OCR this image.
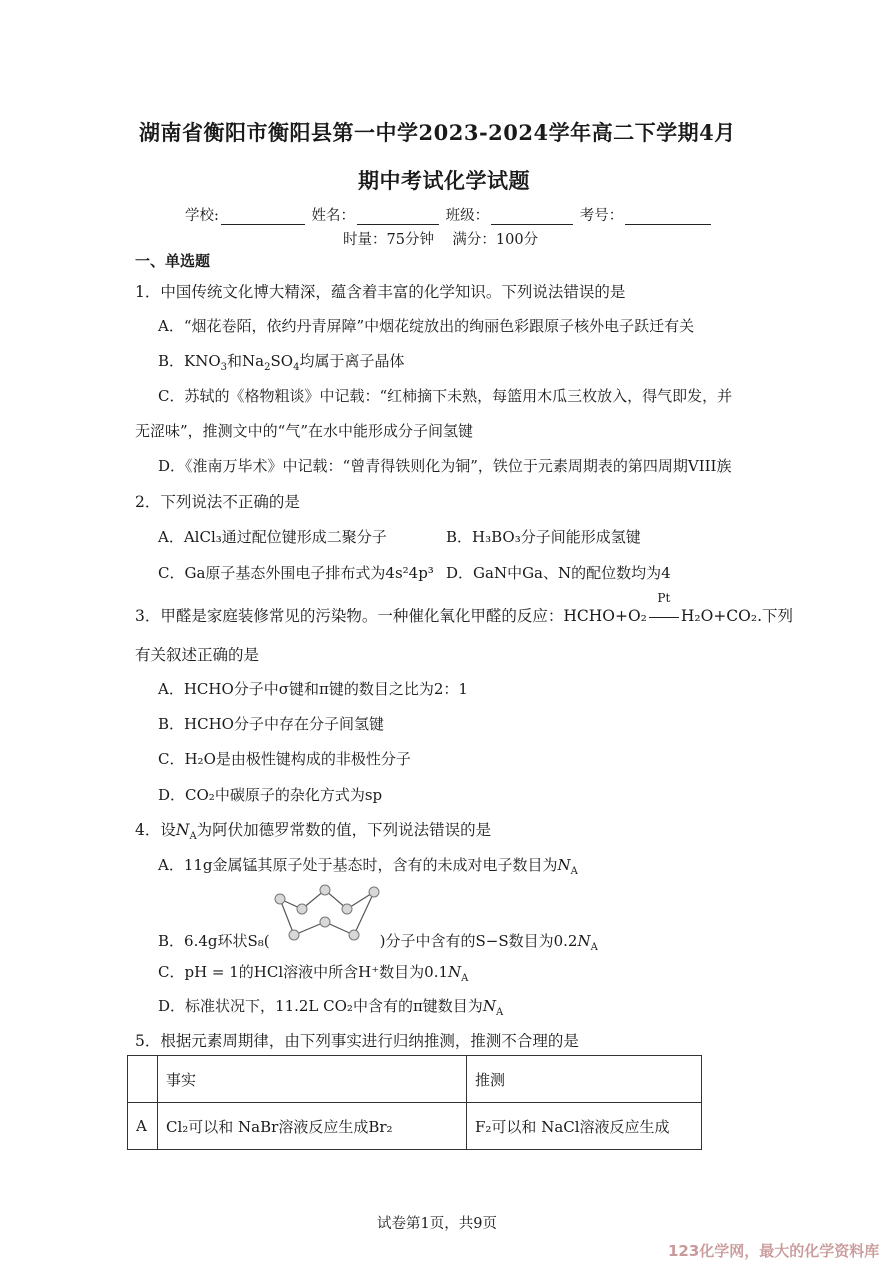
湖南省衡阳市衡阳县第一中学2023-2024学年高二下学期4月
期中考试化学试题
学校:	姓名：	班级：	考号：
时量：75分钟    满分：100分
一、单选题
1．中国传统文化博大精深，蕴含着丰富的化学知识。下列说法错误的是
A．“烟花卷陌，依约丹青屏障”中烟花绽放出的绚丽色彩跟原子核外电子跃迁有关
B．$KNO_3$和$Na_2SO_4$均属于离子晶体
C．苏轼的《格物粗谈》中记载：“红柿摘下未熟，每篮用木瓜三枚放入，得气即发，并
无涩味”，推测文中的“气”在水中能形成分子间氢键
D．《淮南万毕术》中记载：“曾青得铁则化为铜”，铁位于元素周期表的第四周期VIII族
2．下列说法不正确的是
A．AlCl₃通过配位键形成二聚分子	B．H₃BO₃分子间能形成氢键
C．Ga原子基态外围电子排布式为4s²4p³ D．GaN中Ga、N的配位数均为4
3．甲醛是家庭装修常见的污染物。一种催化氧化甲醛的反应：HCHO+O₂
Pt
H₂O+CO₂.下列
有关叙述正确的是
A．HCHO分子中σ键和π键的数目之比为2：1
B．HCHO分子中存在分子间氢键
C．H₂O是由极性键构成的非极性分子
D．CO₂中碳原子的杂化方式为sp
4．设$N_A$为阿伏加德罗常数的值，下列说法错误的是
A．11g金属锰其原子处于基态时，含有的未成对电子数目为$N_A$
B．6.4g环状S₈(	)分子中含有的S−S数目为$0.2N_A$
C．pH = 1的HCl溶液中所含H⁺数目为$0.1N_A$
D．标准状况下，11.2L CO₂中含有的π键数目为$N_A$
5．根据元素周期律，由下列事实进行归纳推测，推测不合理的是
	事实	推测
A	Cl₂可以和 NaBr溶液反应生成Br₂	F₂可以和 NaCl溶液反应生成
试卷第1页，共9页
123化学网，最大的化学资料库
